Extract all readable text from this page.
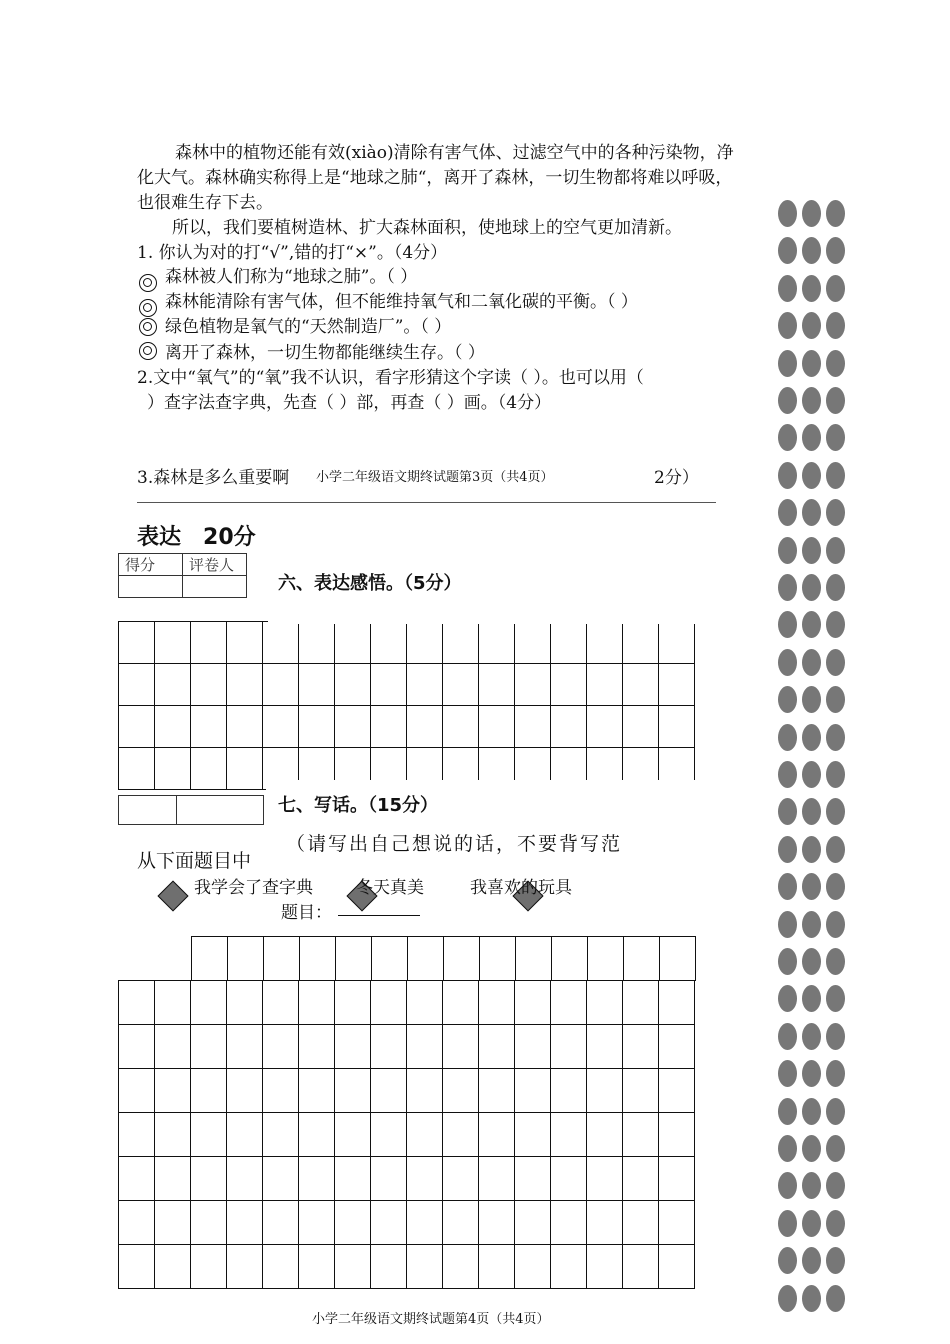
森林中的植物还能有效(xiào)清除有害气体、过滤空气中的各种污染物，净
化大气。森林确实称得上是“地球之肺“，离开了森林，一切生物都将难以呼吸，
也很难生存下去。
所以，我们要植树造林、扩大森林面积，使地球上的空气更加清新。
1. 你认为对的打“√”,错的打“×”。（4分）
森林被人们称为“地球之肺”。（ ）
森林能清除有害气体，但不能维持氧气和二氧化碳的平衡。（ ）
绿色植物是氧气的“天然制造厂”。（ ）
离开了森林，一切生物都能继续生存。（ ）
2.文中“氧气”的“氧”我不认识，看字形猜这个字读（ ）。也可以用（
）查字法查字典，先查（ ）部，再查（ ）画。（4分）
3.森林是多么重要啊 小学二年级语文期终试题第3页（共4页）	2分）
表达 20分
得分	评卷人

六、表达感悟。（5分）

七、写话。（15分）
（请写出自己想说的话，不要背写范
从下面题目中
我学会了查字典	冬天真美	我喜欢的玩具
题目：

小学二年级语文期终试题第4页（共4页）
